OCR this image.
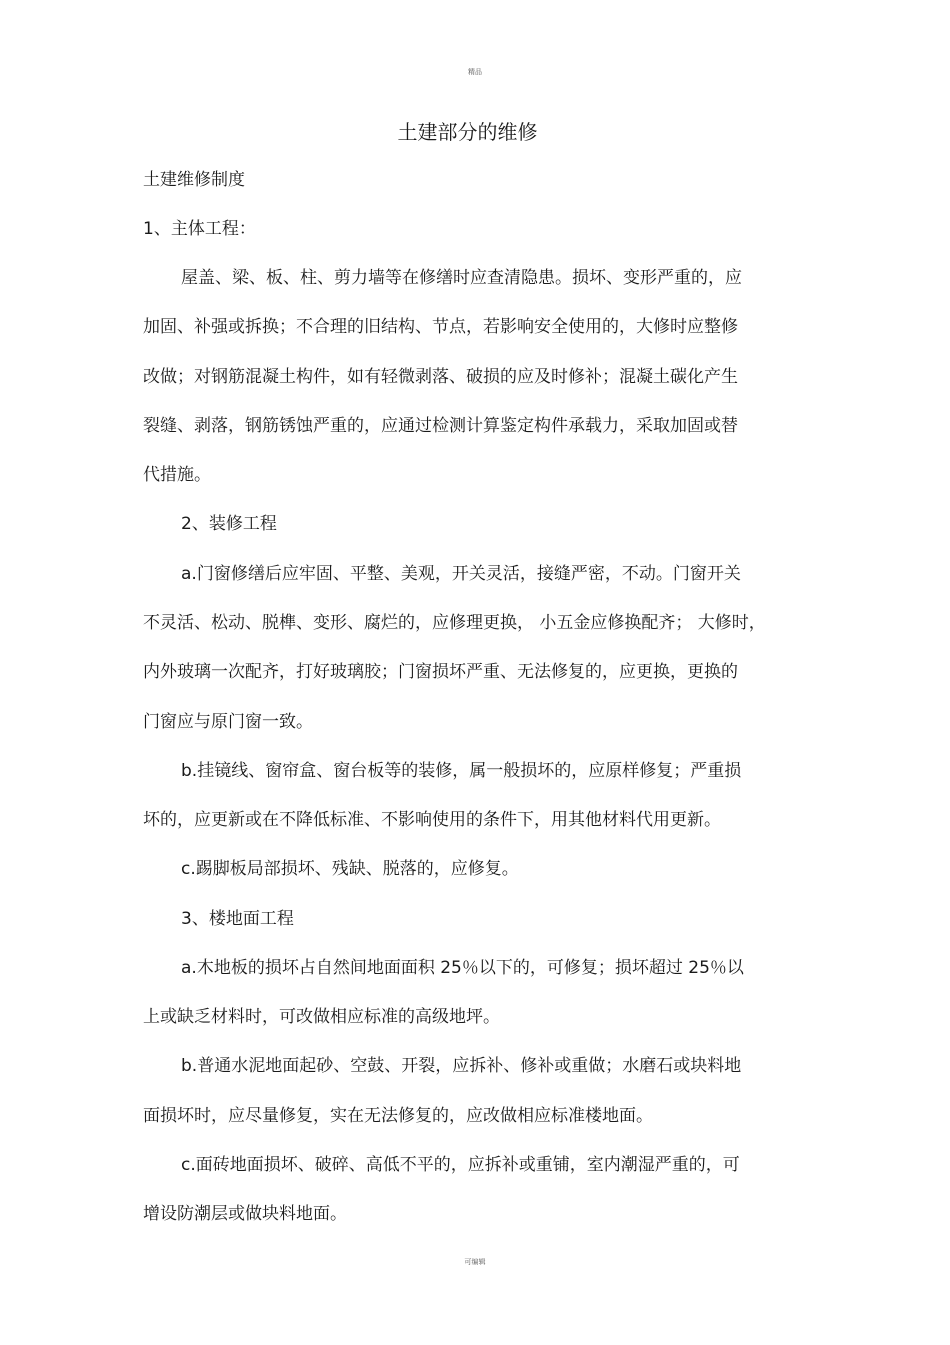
精品
土建部分的维修

土建维修制度

1、主体工程：

屋盖、梁、板、柱、剪力墙等在修缮时应查清隐患。损坏、变形严重的，应

加固、补强或拆换；不合理的旧结构、节点，若影响安全使用的，大修时应整修

改做；对钢筋混凝土构件，如有轻微剥落、破损的应及时修补；混凝土碳化产生

裂缝、剥落，钢筋锈蚀严重的，应通过检测计算鉴定构件承载力，采取加固或替

代措施。

2、装修工程

a.门窗修缮后应牢固、平整、美观，开关灵活，接缝严密，不动。门窗开关

不灵活、松动、脱榫、变形、腐烂的，应修理更换， 小五金应修换配齐； 大修时，

内外玻璃一次配齐，打好玻璃胶；门窗损坏严重、无法修复的，应更换，更换的

门窗应与原门窗一致。

b.挂镜线、窗帘盒、窗台板等的装修，属一般损坏的，应原样修复；严重损

坏的，应更新或在不降低标准、不影响使用的条件下，用其他材料代用更新。

c.踢脚板局部损坏、残缺、脱落的，应修复。

3、楼地面工程

a.木地板的损坏占自然间地面面积 25％以下的，可修复；损坏超过 25％以

上或缺乏材料时，可改做相应标准的高级地坪。

b.普通水泥地面起砂、空鼓、开裂，应拆补、修补或重做；水磨石或块料地

面损坏时，应尽量修复，实在无法修复的，应改做相应标准楼地面。

c.面砖地面损坏、破碎、高低不平的，应拆补或重铺，室内潮湿严重的，可

增设防潮层或做块料地面。

可编辑
